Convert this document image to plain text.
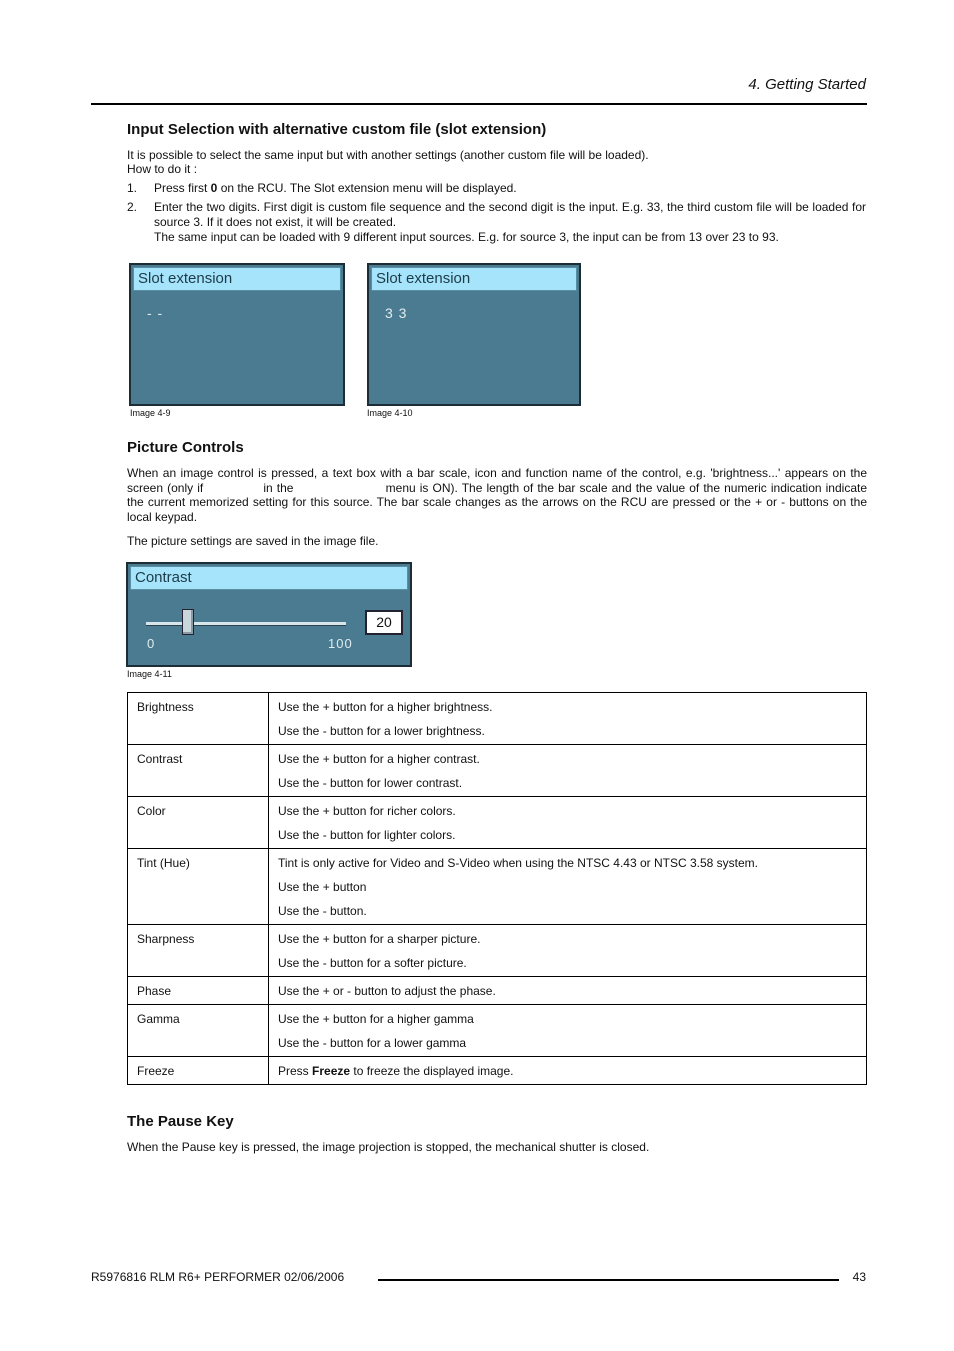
4. Getting Started
Input Selection with alternative custom file (slot extension)
It is possible to select the same input but with another settings (another custom file will be loaded).
How to do it :
1. Press first 0 on the RCU. The Slot extension menu will be displayed.
2. Enter the two digits. First digit is custom file sequence and the second digit is the input. E.g. 33, the third custom file will be loaded for source 3. If it does not exist, it will be created.
The same input can be loaded with 9 different input sources. E.g. for source 3, the input can be from 13 over 23 to 93.
Slot extension
- -
Image 4-9
Slot extension
3 3
Image 4-10
Picture Controls
When an image control is pressed, a text box with a bar scale, icon and function name of the control, e.g. 'brightness...' appears on the screen (only if	in the	menu is ON). The length of the bar scale and the value of the numeric indication indicate the current memorized setting for this source. The bar scale changes as the arrows on the RCU are pressed or the + or - buttons on the local keypad.
The picture settings are saved in the image file.
Contrast
0	100
20
Image 4-11
Brightness	Use the + button for a higher brightness.
Use the - button for a lower brightness.

Contrast	Use the + button for a higher contrast.
Use the - button for lower contrast.

Color	Use the + button for richer colors.
Use the - button for lighter colors.

Tint (Hue)	Tint is only active for Video and S-Video when using the NTSC 4.43 or NTSC 3.58 system.
Use the + button
Use the - button.

Sharpness	Use the + button for a sharper picture.
Use the - button for a softer picture.

Phase	Use the + or - button to adjust the phase.

Gamma	Use the + button for a higher gamma
Use the - button for a lower gamma

Freeze	Press Freeze to freeze the displayed image.
The Pause Key
When the Pause key is pressed, the image projection is stopped, the mechanical shutter is closed.
R5976816 RLM R6+ PERFORMER 02/06/2006	43
